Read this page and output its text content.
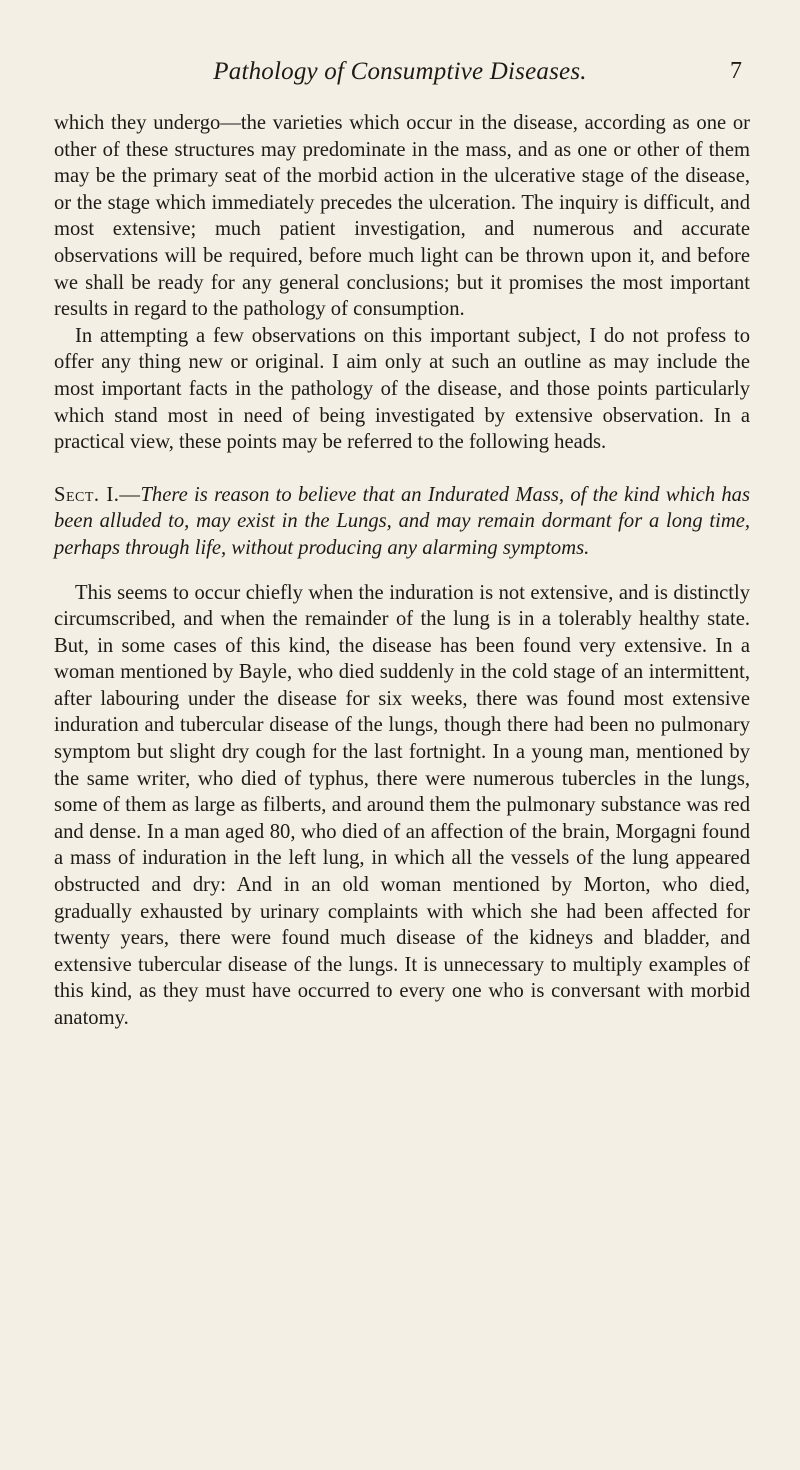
Pathology of Consumptive Diseases.	7

which they undergo—the varieties which occur in the disease, according as one or other of these structures may predominate in the mass, and as one or other of them may be the primary seat of the morbid action in the ulcerative stage of the disease, or the stage which immediately precedes the ulceration. The inquiry is difficult, and most extensive; much patient investigation, and numerous and accurate observations will be required, before much light can be thrown upon it, and before we shall be ready for any general conclusions; but it promises the most important results in regard to the pathology of consumption.

In attempting a few observations on this important subject, I do not profess to offer any thing new or original. I aim only at such an outline as may include the most important facts in the pathology of the disease, and those points particularly which stand most in need of being investigated by extensive observation. In a practical view, these points may be referred to the following heads.

Sect. I.—There is reason to believe that an Indurated Mass, of the kind which has been alluded to, may exist in the Lungs, and may remain dormant for a long time, perhaps through life, without producing any alarming symptoms.

This seems to occur chiefly when the induration is not extensive, and is distinctly circumscribed, and when the remainder of the lung is in a tolerably healthy state. But, in some cases of this kind, the disease has been found very extensive. In a woman mentioned by Bayle, who died suddenly in the cold stage of an intermittent, after labouring under the disease for six weeks, there was found most extensive induration and tubercular disease of the lungs, though there had been no pulmonary symptom but slight dry cough for the last fortnight. In a young man, mentioned by the same writer, who died of typhus, there were numerous tubercles in the lungs, some of them as large as filberts, and around them the pulmonary substance was red and dense. In a man aged 80, who died of an affection of the brain, Morgagni found a mass of induration in the left lung, in which all the vessels of the lung appeared obstructed and dry: And in an old woman mentioned by Morton, who died, gradually exhausted by urinary complaints with which she had been affected for twenty years, there were found much disease of the kidneys and bladder, and extensive tubercular disease of the lungs. It is unnecessary to multiply examples of this kind, as they must have occurred to every one who is conversant with morbid anatomy.
